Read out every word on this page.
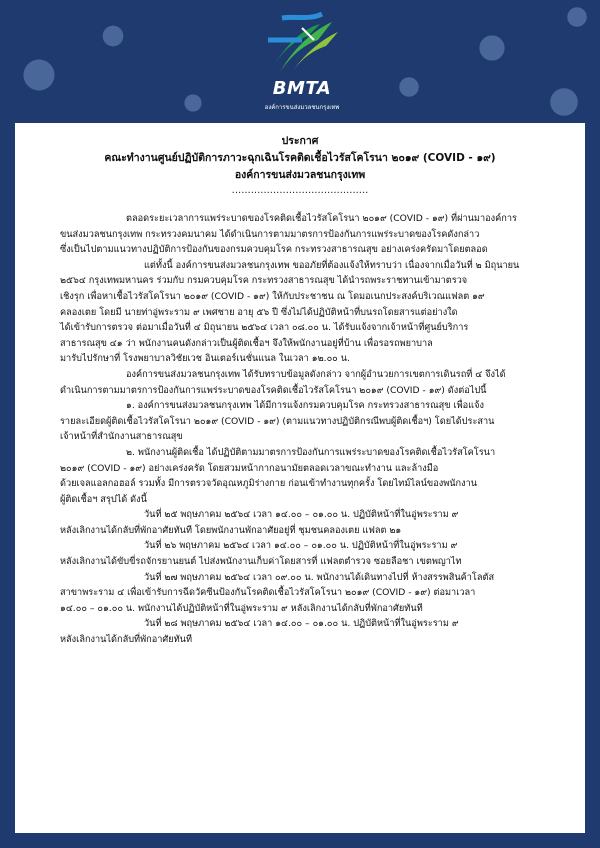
BMTA
องค์การขนส่งมวลชนกรุงเทพ
ประกาศ
คณะทำงานศูนย์ปฏิบัติการภาวะฉุกเฉินโรคติดเชื้อไวรัสโคโรนา ๒๐๑๙ (COVID - ๑๙)
องค์การขนส่งมวลชนกรุงเทพ
...........................................

ตลอดระยะเวลาการแพร่ระบาดของโรคติดเชื้อไวรัสโคโรนา ๒๐๑๙ (COVID - ๑๙) ที่ผ่านมาองค์การ

ขนส่งมวลชนกรุงเทพ กระทรวงคมนาคม ได้ดำเนินการตามมาตรการป้องกันการแพร่ระบาดของโรคดังกล่าว

ซึ่งเป็นไปตามแนวทางปฏิบัติการป้องกันของกรมควบคุมโรค กระทรวงสาธารณสุข อย่างเคร่งครัดมาโดยตลอด

แต่ทั้งนี้ องค์การขนส่งมวลชนกรุงเทพ ขออภัยที่ต้องแจ้งให้ทราบว่า เนื่องจากเมื่อวันที่ ๒ มิถุนายน

๒๕๖๔ กรุงเทพมหานคร ร่วมกับ กรมควบคุมโรค กระทรวงสาธารณสุข ได้นำรถพระราชทานเข้ามาตรวจ

เชิงรุก เพื่อหาเชื้อไวรัสโคโรนา ๒๐๑๙ (COVID - ๑๙) ให้กับประชาชน ณ โดมอเนกประสงค์บริเวณแฟลต ๑๙

คลองเตย โดยมี นายท่าอู่พระราม ๙ เพศชาย อายุ ๕๖ ปี ซึ่งไม่ได้ปฏิบัติหน้าที่บนรถโดยสารแต่อย่างใด

ได้เข้ารับการตรวจ ต่อมาเมื่อวันที่ ๔ มิถุนายน ๒๕๖๔ เวลา ๐๘.๐๐ น. ได้รับแจ้งจากเจ้าหน้าที่ศูนย์บริการ

สาธารณสุข ๔๑ ว่า พนักงานคนดังกล่าวเป็นผู้ติดเชื้อฯ จึงให้พนักงานอยู่ที่บ้าน เพื่อรอรถพยาบาล

มารับไปรักษาที่ โรงพยาบาลวิชัยเวช อินเตอร์เนชั่นแนล ในเวลา ๑๒.๐๐ น.

องค์การขนส่งมวลชนกรุงเทพ ได้รับทราบข้อมูลดังกล่าว จากผู้อำนวยการเขตการเดินรถที่ ๔ จึงได้

ดำเนินการตามมาตรการป้องกันการแพร่ระบาดของโรคติดเชื้อไวรัสโคโรนา ๒๐๑๙ (COVID - ๑๙) ดังต่อไปนี้

๑. องค์การขนส่งมวลชนกรุงเทพ ได้มีการแจ้งกรมควบคุมโรค กระทรวงสาธารณสุข เพื่อแจ้ง

รายละเอียดผู้ติดเชื้อไวรัสโคโรนา ๒๐๑๙ (COVID - ๑๙) (ตามแนวทางปฏิบัติกรณีพบผู้ติดเชื้อฯ) โดยได้ประสาน

เจ้าหน้าที่สำนักงานสาธารณสุข

๒. พนักงานผู้ติดเชื้อ ได้ปฏิบัติตามมาตรการป้องกันการแพร่ระบาดของโรคติดเชื้อไวรัสโคโรนา

๒๐๑๙ (COVID - ๑๙) อย่างเคร่งครัด โดยสวมหน้ากากอนามัยตลอดเวลาขณะทำงาน และล้างมือ

ด้วยเจลแอลกอฮอล์ รวมทั้ง มีการตรวจวัดอุณหภูมิร่างกาย ก่อนเข้าทำงานทุกครั้ง โดยไทม์ไลน์ของพนักงาน

ผู้ติดเชื้อฯ สรุปได้ ดังนี้

วันที่ ๒๕ พฤษภาคม ๒๕๖๔ เวลา ๑๔.๐๐ – ๐๑.๐๐ น. ปฏิบัติหน้าที่ในอู่พระราม ๙

หลังเลิกงานได้กลับที่พักอาศัยทันที โดยพนักงานพักอาศัยอยู่ที่ ชุมชนคลองเตย แฟลต ๒๑

วันที่ ๒๖ พฤษภาคม ๒๕๖๔ เวลา ๑๔.๐๐ – ๐๑.๐๐ น. ปฏิบัติหน้าที่ในอู่พระราม ๙

หลังเลิกงานได้ขับขี่รถจักรยานยนต์ ไปส่งพนักงานเก็บค่าโดยสารที่ แฟลตตำรวจ ซอยลือชา เขตพญาไท

วันที่ ๒๗ พฤษภาคม ๒๕๖๔ เวลา ๐๙.๐๐ น. พนักงานได้เดินทางไปที่ ห้างสรรพสินค้าโลตัส

สาขาพระราม ๔ เพื่อเข้ารับการฉีดวัคซีนป้องกันโรคติดเชื้อไวรัสโคโรนา ๒๐๑๙ (COVID - ๑๙) ต่อมาเวลา

๑๔.๐๐ – ๐๑.๐๐ น. พนักงานได้ปฏิบัติหน้าที่ในอู่พระราม ๙ หลังเลิกงานได้กลับที่พักอาศัยทันที

วันที่ ๒๘ พฤษภาคม ๒๕๖๔ เวลา ๑๔.๐๐ – ๐๑.๐๐ น. ปฏิบัติหน้าที่ในอู่พระราม ๙

หลังเลิกงานได้กลับที่พักอาศัยทันที
